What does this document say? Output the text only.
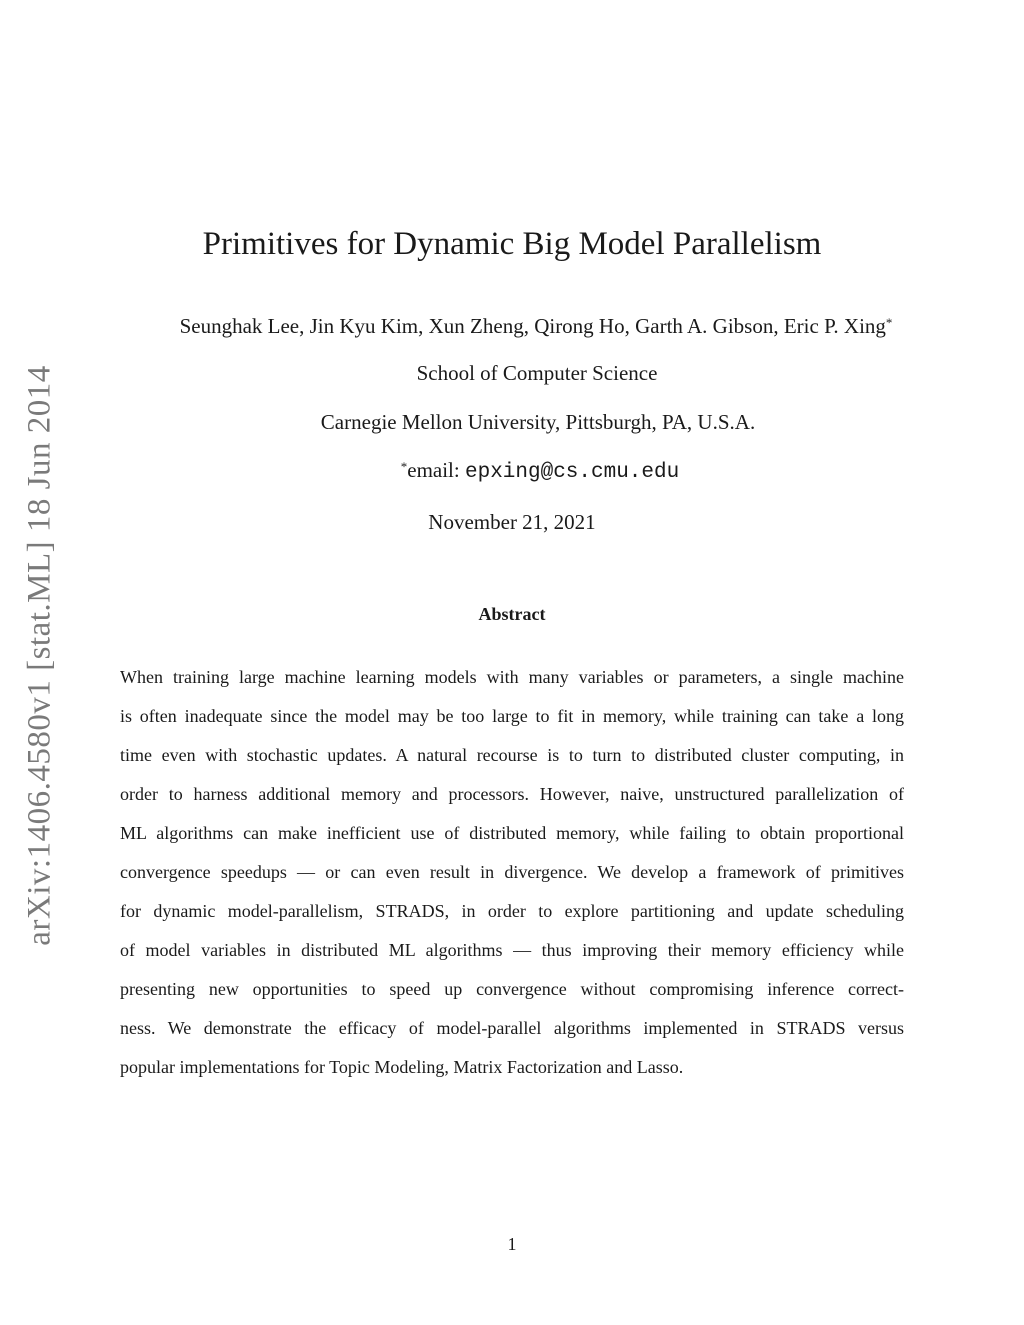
arXiv:1406.4580v1 [stat.ML] 18 Jun 2014
Primitives for Dynamic Big Model Parallelism
Seunghak Lee, Jin Kyu Kim, Xun Zheng, Qirong Ho, Garth A. Gibson, Eric P. Xing*
School of Computer Science
Carnegie Mellon University, Pittsburgh, PA, U.S.A.
*email: epxing@cs.cmu.edu
November 21, 2021
Abstract
When training large machine learning models with many variables or parameters, a single machine
is often inadequate since the model may be too large to fit in memory, while training can take a long
time even with stochastic updates. A natural recourse is to turn to distributed cluster computing, in
order to harness additional memory and processors. However, naive, unstructured parallelization of
ML algorithms can make inefficient use of distributed memory, while failing to obtain proportional
convergence speedups — or can even result in divergence. We develop a framework of primitives
for dynamic model-parallelism, STRADS, in order to explore partitioning and update scheduling
of model variables in distributed ML algorithms — thus improving their memory efficiency while
presenting new opportunities to speed up convergence without compromising inference correct-
ness. We demonstrate the efficacy of model-parallel algorithms implemented in STRADS versus
popular implementations for Topic Modeling, Matrix Factorization and Lasso.
1
